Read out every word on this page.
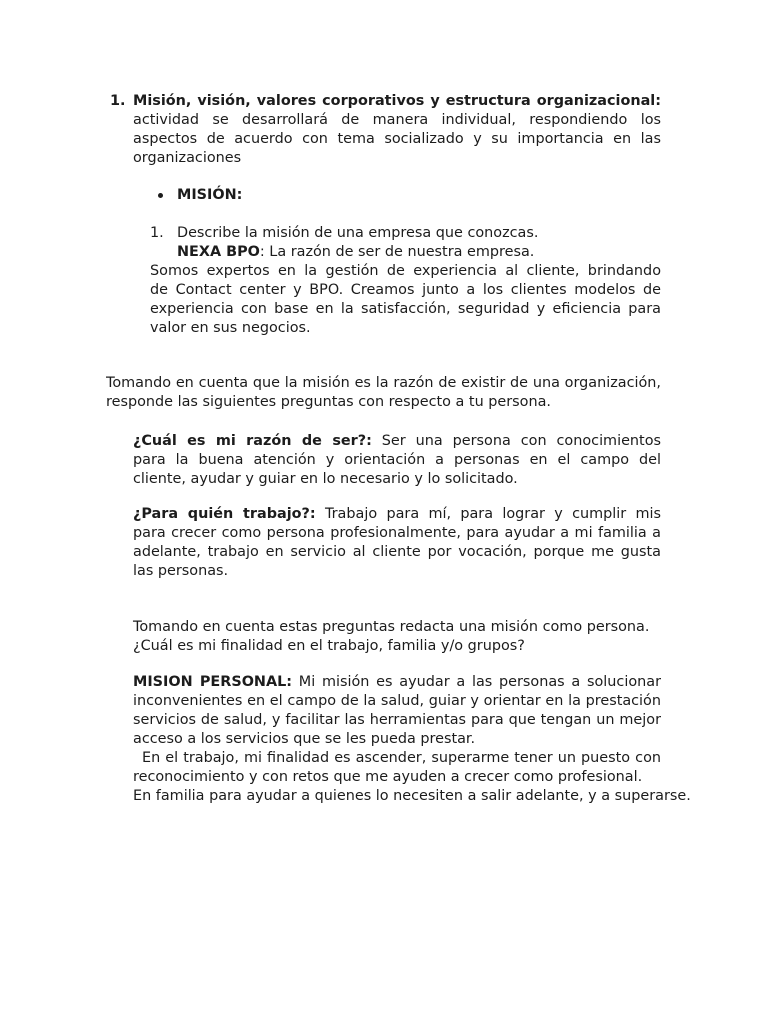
1. Misión, visión, valores corporativos y estructura organizacional:
actividad se desarrollará de manera individual, respondiendo los
aspectos de acuerdo con tema socializado y su importancia en las
organizaciones
MISIÓN:
1. Describe la misión de una empresa que conozcas.
NEXA BPO: La razón de ser de nuestra empresa.
Somos expertos en la gestión de experiencia al cliente, brindando
de Contact center y BPO. Creamos junto a los clientes modelos de
experiencia con base en la satisfacción, seguridad y eficiencia para
valor en sus negocios.
Tomando en cuenta que la misión es la razón de existir de una organización,
responde las siguientes preguntas con respecto a tu persona.
¿Cuál es mi razón de ser?: Ser una persona con conocimientos
para la buena atención y orientación a personas en el campo del
cliente, ayudar y guiar en lo necesario y lo solicitado.
¿Para quién trabajo?: Trabajo para mí, para lograr y cumplir mis
para crecer como persona profesionalmente, para ayudar a mi familia a
adelante, trabajo en servicio al cliente por vocación, porque me gusta
las personas.
Tomando en cuenta estas preguntas redacta una misión como persona.
¿Cuál es mi finalidad en el trabajo, familia y/o grupos?
MISION PERSONAL: Mi misión es ayudar a las personas a solucionar
inconvenientes en el campo de la salud, guiar y orientar en la prestación
servicios de salud, y facilitar las herramientas para que tengan un mejor
acceso a los servicios que se les pueda prestar.
En el trabajo, mi finalidad es ascender, superarme tener un puesto con
reconocimiento y con retos que me ayuden a crecer como profesional.
En familia para ayudar a quienes lo necesiten a salir adelante, y a superarse.
